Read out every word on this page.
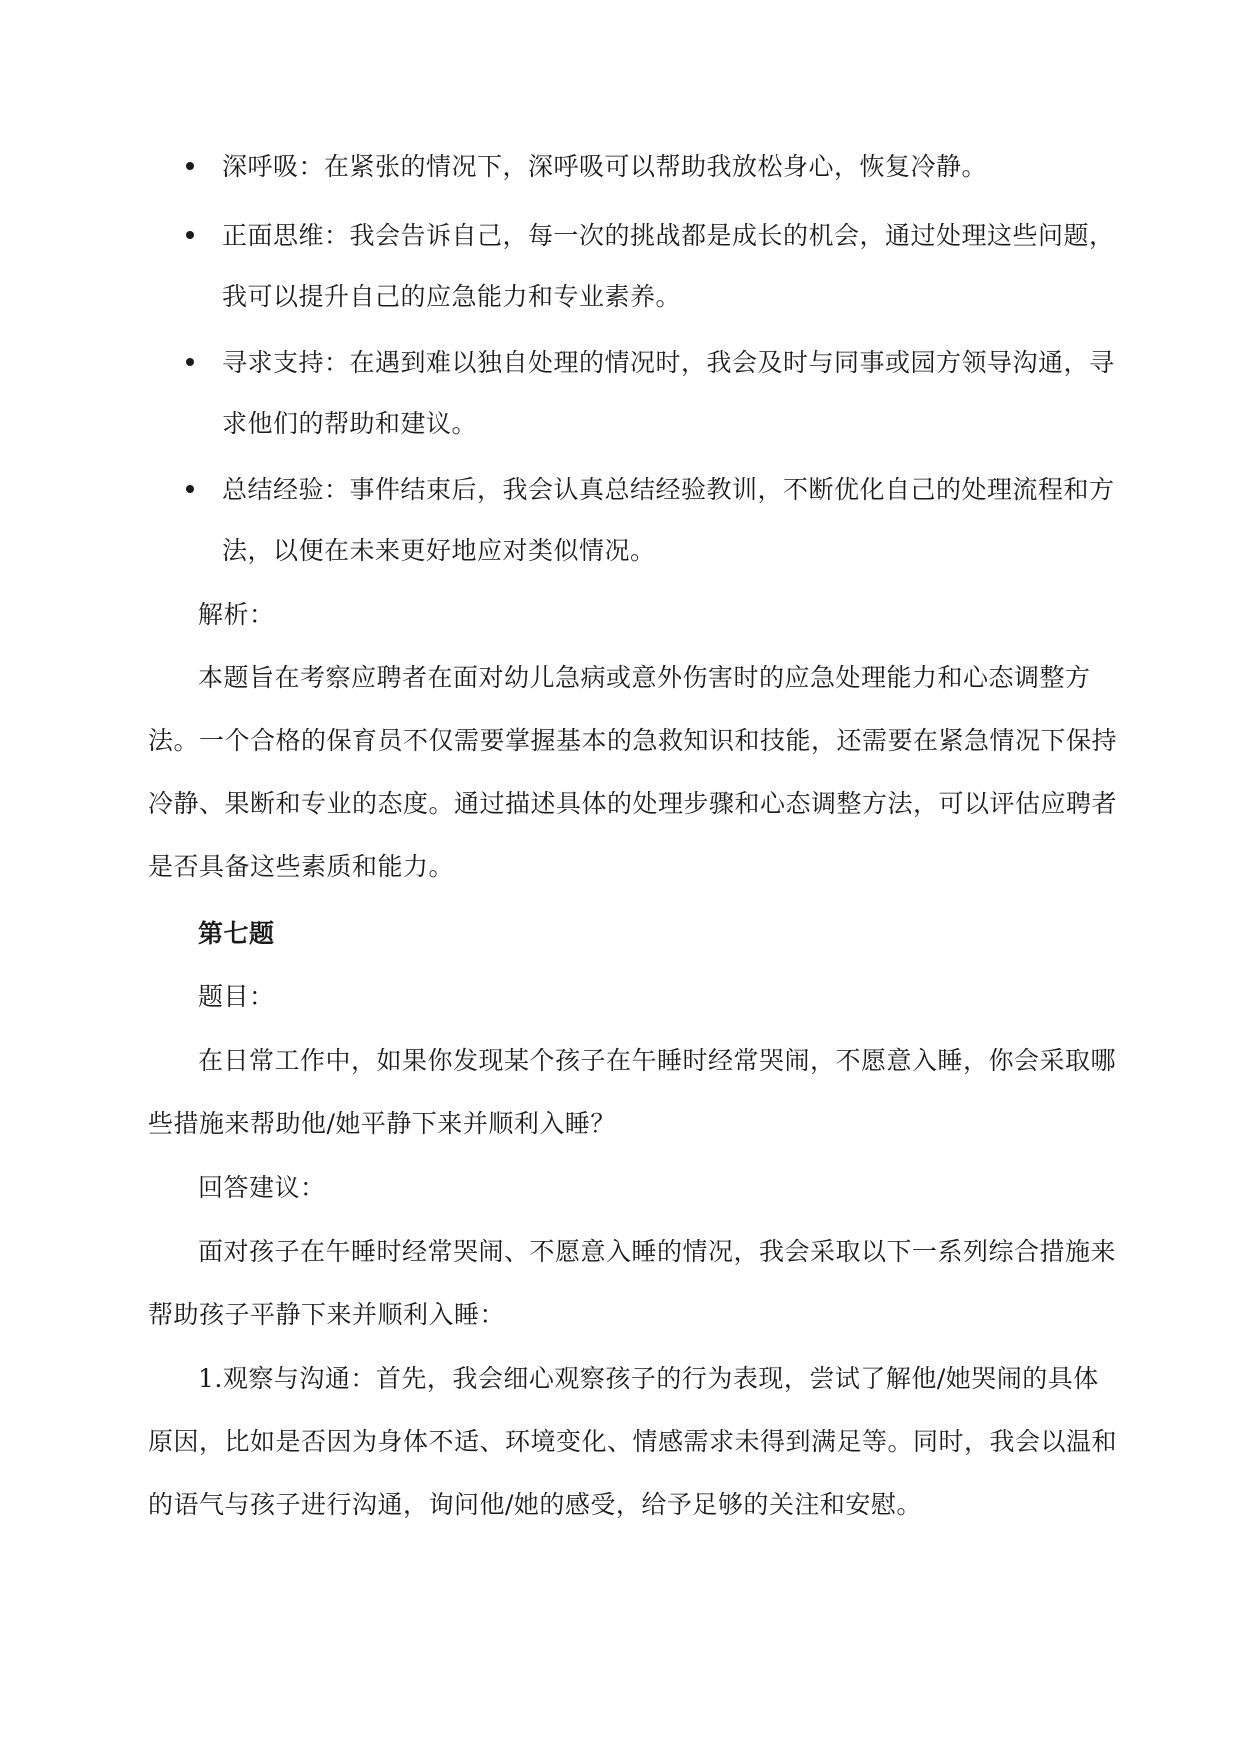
深呼吸：在紧张的情况下，深呼吸可以帮助我放松身心，恢复冷静。
正面思维：我会告诉自己，每一次的挑战都是成长的机会，通过处理这些问题，
我可以提升自己的应急能力和专业素养。
寻求支持：在遇到难以独自处理的情况时，我会及时与同事或园方领导沟通，寻
求他们的帮助和建议。
总结经验：事件结束后，我会认真总结经验教训，不断优化自己的处理流程和方
法，以便在未来更好地应对类似情况。
解析：
本题旨在考察应聘者在面对幼儿急病或意外伤害时的应急处理能力和心态调整方
法。一个合格的保育员不仅需要掌握基本的急救知识和技能，还需要在紧急情况下保持
冷静、果断和专业的态度。通过描述具体的处理步骤和心态调整方法，可以评估应聘者
是否具备这些素质和能力。
第七题
题目：
在日常工作中，如果你发现某个孩子在午睡时经常哭闹，不愿意入睡，你会采取哪
些措施来帮助他/她平静下来并顺利入睡？
回答建议：
面对孩子在午睡时经常哭闹、不愿意入睡的情况，我会采取以下一系列综合措施来
帮助孩子平静下来并顺利入睡：
1.观察与沟通：首先，我会细心观察孩子的行为表现，尝试了解他/她哭闹的具体
原因，比如是否因为身体不适、环境变化、情感需求未得到满足等。同时，我会以温和
的语气与孩子进行沟通，询问他/她的感受，给予足够的关注和安慰。
